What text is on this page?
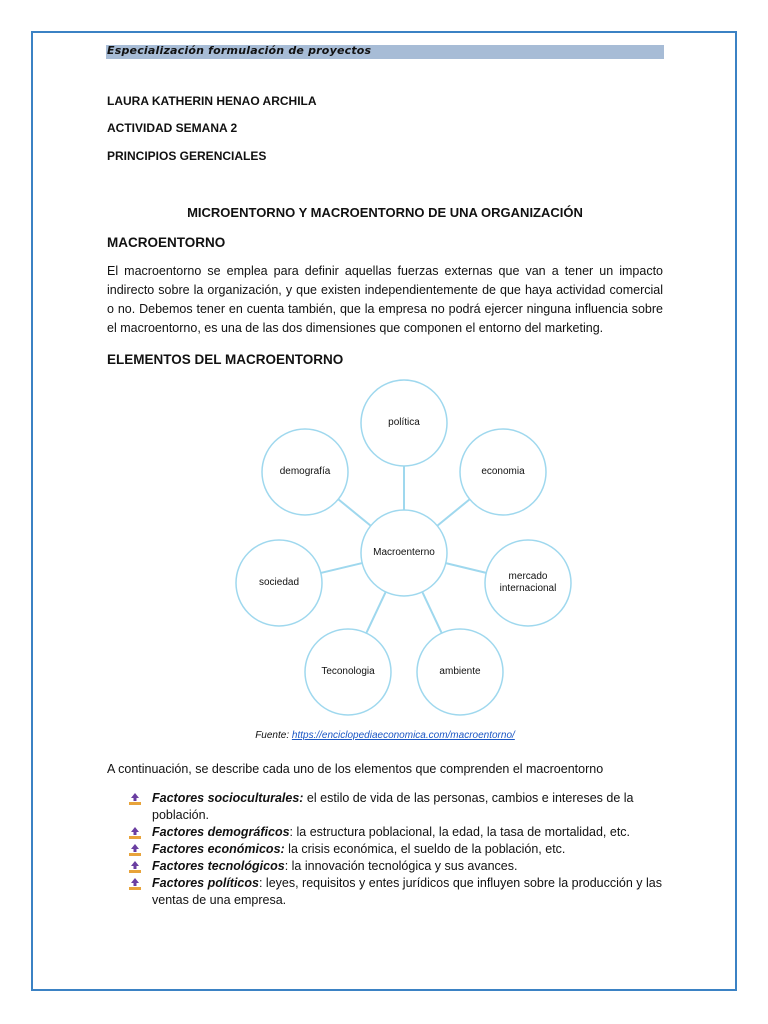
Especialización formulación de proyectos
LAURA KATHERIN HENAO ARCHILA
ACTIVIDAD SEMANA 2
PRINCIPIOS GERENCIALES
MICROENTORNO Y MACROENTORNO DE UNA ORGANIZACIÓN
MACROENTORNO
El macroentorno se emplea para definir aquellas fuerzas externas que van a tener un impacto indirecto sobre la organización, y que existen independientemente de que haya actividad comercial o no. Debemos tener en cuenta también, que la empresa no podrá ejercer ninguna influencia sobre el macroentorno, es una de las dos dimensiones que componen el entorno del marketing.
ELEMENTOS DEL MACROENTORNO
Macroenterno
política
economia
mercado internacional
ambiente
Teconologia
sociedad
demografía
Fuente: https://enciclopediaeconomica.com/macroentorno/
A continuación, se describe cada uno de los elementos que comprenden el macroentorno
Factores socioculturales: el estilo de vida de las personas, cambios e intereses de la población.
Factores demográficos: la estructura poblacional, la edad, la tasa de mortalidad, etc.
Factores económicos: la crisis económica, el sueldo de la población, etc.
Factores tecnológicos: la innovación tecnológica y sus avances.
Factores políticos: leyes, requisitos y entes jurídicos que influyen sobre la producción y las ventas de una empresa.
